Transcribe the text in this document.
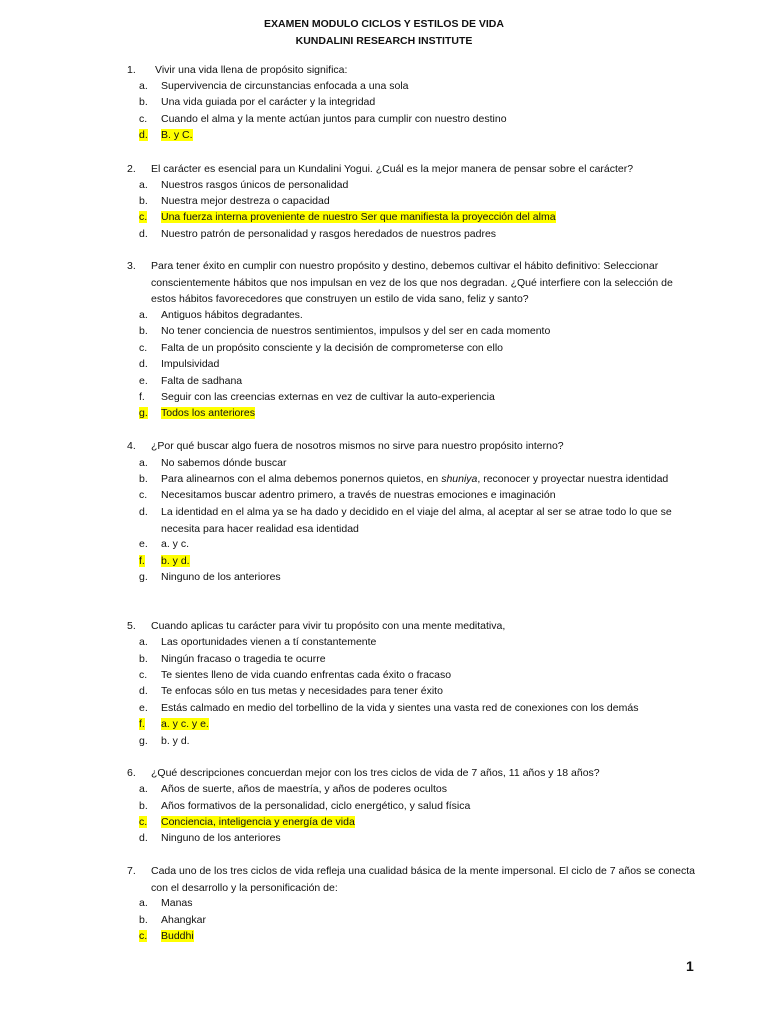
EXAMEN MODULO CICLOS Y ESTILOS DE VIDA
KUNDALINI RESEARCH INSTITUTE
1. Vivir una vida llena de propósito significa:
a. Supervivencia de circunstancias enfocada a una sola
b. Una vida guiada por el carácter y la integridad
c. Cuando el alma y la mente actúan juntos para cumplir con nuestro destino
d. B. y C.
2. El carácter es esencial para un Kundalini Yogui. ¿Cuál es la mejor manera de pensar sobre el carácter?
a. Nuestros rasgos únicos de personalidad
b. Nuestra mejor destreza o capacidad
c. Una fuerza interna proveniente de nuestro Ser que manifiesta la proyección del alma
d. Nuestro patrón de personalidad y rasgos heredados de nuestros padres
3. Para tener éxito en cumplir con nuestro propósito y destino, debemos cultivar el hábito definitivo: Seleccionar conscientemente hábitos que nos impulsan en vez de los que nos degradan. ¿Qué interfiere con la selección de estos hábitos favorecedores que construyen un estilo de vida sano, feliz y santo?
a. Antiguos hábitos degradantes.
b. No tener conciencia de nuestros sentimientos, impulsos y del ser en cada momento
c. Falta de un propósito consciente y la decisión de comprometerse con ello
d. Impulsividad
e. Falta de sadhana
f. Seguir con las creencias externas en vez de cultivar la auto-experiencia
g. Todos los anteriores
4. ¿Por qué buscar algo fuera de nosotros mismos no sirve para nuestro propósito interno?
a. No sabemos dónde buscar
b. Para alinearnos con el alma debemos ponernos quietos, en shuniya, reconocer y proyectar nuestra identidad
c. Necesitamos buscar adentro primero, a través de nuestras emociones e imaginación
d. La identidad en el alma ya se ha dado y decidido en el viaje del alma, al aceptar al ser se atrae todo lo que se necesita para hacer realidad esa identidad
e. a. y c.
f. b. y d.
g. Ninguno de los anteriores
5. Cuando aplicas tu carácter para vivir tu propósito con una mente meditativa,
a. Las oportunidades vienen a tí constantemente
b. Ningún fracaso o tragedia te ocurre
c. Te sientes lleno de vida cuando enfrentas cada éxito o fracaso
d. Te enfocas sólo en tus metas y necesidades para tener éxito
e. Estás calmado en medio del torbellino de la vida y sientes una vasta red de conexiones con los demás
f. a. y c. y e.
g. b. y d.
6. ¿Qué descripciones concuerdan mejor con los tres ciclos de vida de 7 años, 11 años y 18 años?
a. Años de suerte, años de maestría, y años de poderes ocultos
b. Años formativos de la personalidad, ciclo energético, y salud física
c. Conciencia, inteligencia y energía de vida
d. Ninguno de los anteriores
7. Cada uno de los tres ciclos de vida refleja una cualidad básica de la mente impersonal. El ciclo de 7 años se conecta con el desarrollo y la personificación de:
a. Manas
b. Ahangkar
c. Buddhi
1
